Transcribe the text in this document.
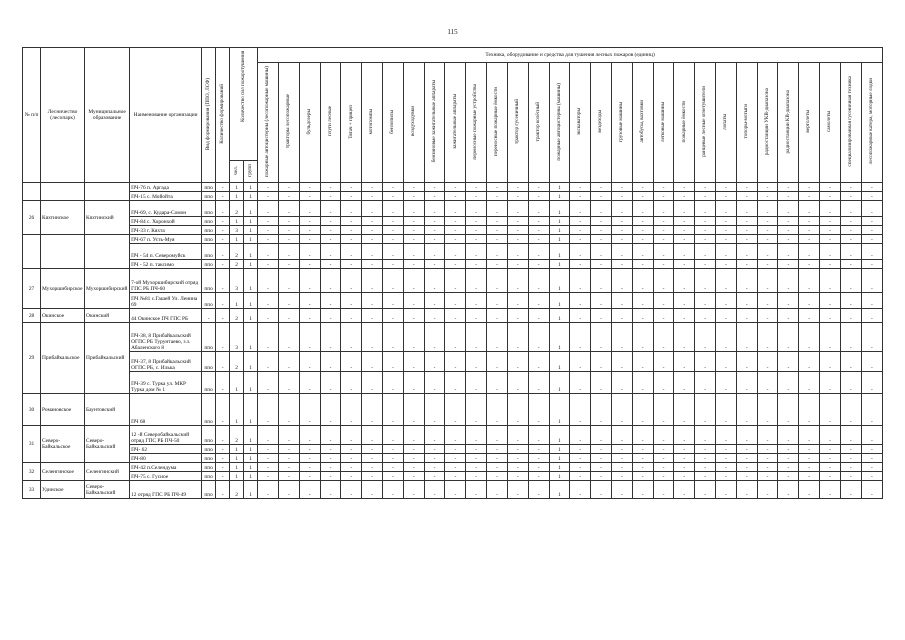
115
№ п/п	Лесничество (лесопарк)	Муниципальное образование	Наименование организации	Вид формирования (ППО, ЛСФ)	Количество формирований	Количество сил пожаротушения		Техника, оборудование и средства для тушения лесных пожаров (единиц)																													
								пожарные автоцистерны (лесопожарные машины)	тракторы лесопожарные	бульдозеры	плуги лесные	Тягач + прицеп	мотопомпы	бензопилы	воздуходувки	бензиновые зажигательные аппараты	зажигательные аппараты	переносные пожарные устройства	переносные пожарные ёмкости	трактор гусеничный	трактор колёсный	пожарные автоцистерны (машины)	экскаваторы	вездеходы	грузовые машины	автобусы, вахтовки	легковые машины	пожарные ёмкости	ранцевые лесные огнетушители	лопаты	топоры-мотыги	радиостанции УКВ-диапазона	радиостанции КВ-диапазона	вертолеты	самолеты	специализированная гусеничная техника	лесопожарные катера, моторные лодки
						чел.	групп																														
			ПЧ-76 п. Аргада	ппо	-	1	1	-	-	-	-	-	-	-	-	-	-	-	-	-	-	1	-	-	-	-	-	-	-	-	-	-	-	-	-	-	-
			ПЧ-15 с. Мойойта	ппо	-	1	1	-	-	-	-	-	-	-	-	-	-	-	-	-	-	1	-	-	-	-	-	-	-	-	-	-	-	-	-	-	-
26	Кяхтинское	Кяхтинский	ПЧ-69, с. Кудара-Сомон	ппо	-	2	1	-	-	-	-	-	-	-	-	-	-	-	-	-	-	1	-	-	-	-	-	-	-	-	-	-	-	-	-	-	-
			ПЧ-84 с. Хоронхой	ппо	-	1	1	-	-	-	-	-	-	-	-	-	-	-	-	-	-	1	-	-	-	-	-	-	-	-	-	-	-	-	-	-	-
			ПЧ-33 г. Кяхта	ппо	-	3	1	-	-	-	-	-	-	-	-	-	-	-	-	-	-	1	-	-	-	-	-	-	-	-	-	-	-	-	-	-	-
			ПЧ-67 п. Усть-Муя	ппо	-	1	1	-	-	-	-	-	-	-	-	-	-	-	-	-	-	1	-	-	-	-	-	-	-	-	-	-	-	-	-	-	-
			ПЧ - 54 п. Северомуйск	ппо	-	2	1	-	-	-	-	-	-	-	-	-	-	-	-	-	-	1	-	-	-	-	-	-	-	-	-	-	-	-	-	-	-
			ПЧ - 52 п. таксимо	ппо	-	2	1	-	-	-	-	-	-	-	-	-	-	-	-	-	-	1	-	-	-	-	-	-	-	-	-	-	-	-	-	-	-
27	Мухоршибирское	Мухоршибирский	7-ой Мухоршибирский отряд ГПС РБ ПЧ-60	ппо	-	3	1	-	-	-	-	-	-	-	-	-	-	-	-	-	-	1	-	-	-	-	-	-	-	-	-	-	-	-	-	-	-
			ПЧ №81 с.Гашей Ул. Ленина 69	ппо	-	1	1	-	-	-	-	-	-	-	-	-	-	-	-	-	-	1	-	-	-	-	-	-	-	-	-	-	-	-	-	-	-
28	Окинское	Окинский	44 Окинское ПЧ ГПС РБ	-	-	2	1	-	-	-	-	-	-	-	-	-	-	-	-	-	-	1	-	-	-	-	-	-	-	-	-	-	-	-	-	-	-
29	Прибайкальское	Прибайкальский	ПЧ-38, 8 Прибайкальский ОГПС РБ Турунтаево, з.з. Абаленского 8	ппо	-	3	1	-	-	-	-	-	-	-	-	-	-	-	-	-	-	1	-	-	-	-	-	-	-	-	-	-	-	-	-	-	-
			ПЧ-37, 8 Прибайкальский ОГПС РБ, с. Илька	ппо	-	2	1	-	-	-	-	-	-	-	-	-	-	-	-	-	-	1	-	-	-	-	-	-	-	-	-	-	-	-	-	-	-
			ПЧ-39 с. Турка ул. МКР Турка дом № 1	ппо	-	1	1	-	-	-	-	-	-	-	-	-	-	-	-	-	-	1	-	-	-	-	-	-	-	-	-	-	-	-	-	-	-
30	Романовское	Баунтовский	ПЧ 68	ппо	-	1	1	-	-	-	-	-	-	-	-	-	-	-	-	-	-	1	-	-	-	-	-	-	-	-	-	-	-	-	-	-	-
31	Северо-Байкальское	Северо-Байкальский	12 -й Северобайкальский отряд ГПС РБ ПЧ-50	ппо	-	2	1	-	-	-	-	-	-	-	-	-	-	-	-	-	-	1	-	-	-	-	-	-	-	-	-	-	-	-	-	-	-
			ПЧ- 62	ппо	-	1	1	-	-	-	-	-	-	-	-	-	-	-	-	-	-	1	-	-	-	-	-	-	-	-	-	-	-	-	-	-	-
			ПЧ-80	ппо	-	1	1	-	-	-	-	-	-	-	-	-	-	-	-	-	-	1	-	-	-	-	-	-	-	-	-	-	-	-	-	-	-
32	Селенгинское	Селенгинский	ПЧ-42 п.Селендума	ппо	-	1	1	-	-	-	-	-	-	-	-	-	-	-	-	-	-	1	-	-	-	-	-	-	-	-	-	-	-	-	-	-	-
			ПЧ-75 с. Гусиое	ппо	-	1	1	-	-	-	-	-	-	-	-	-	-	-	-	-	-	1	-	-	-	-	-	-	-	-	-	-	-	-	-	-	-
33	Удинское	Северо-Байкальский	12 отряд ГПС РБ ПЧ-49	ппо	-	2	1	-	-	-	-	-	-	-	-	-	-	-	-	-	-	1	-	-	-	-	-	-	-	-	-	-	-	-	-	-	-
